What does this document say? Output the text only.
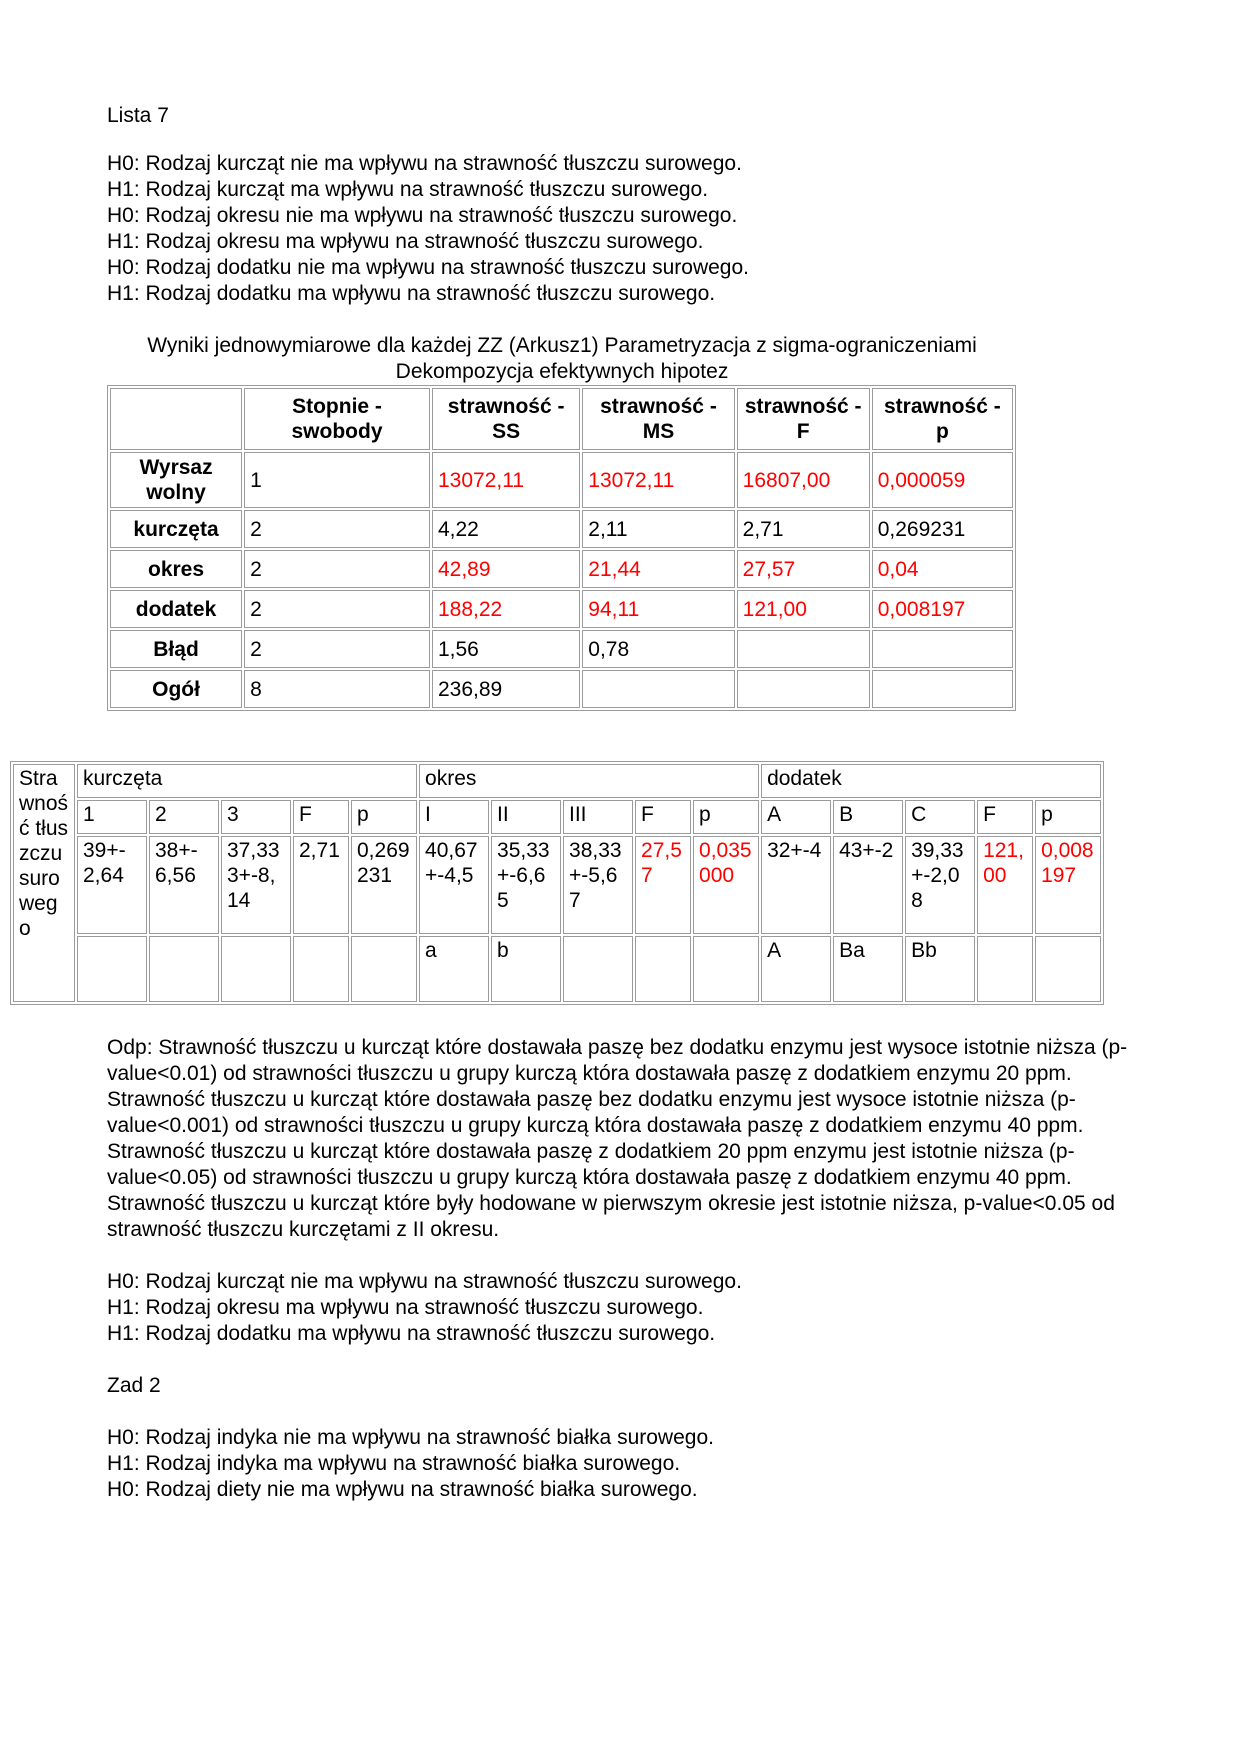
Lista 7

H0: Rodzaj kurcząt nie ma wpływu na strawność tłuszczu surowego.

H1: Rodzaj kurcząt ma wpływu na strawność tłuszczu surowego.

H0: Rodzaj okresu nie ma wpływu na strawność tłuszczu surowego.

H1: Rodzaj okresu ma wpływu na strawność tłuszczu surowego.

H0: Rodzaj dodatku nie ma wpływu na strawność tłuszczu surowego.

H1: Rodzaj dodatku ma wpływu na strawność tłuszczu surowego.

Wyniki jednowymiarowe dla każdej ZZ (Arkusz1) Parametryzacja z sigma-ograniczeniami

Dekompozycja efektywnych hipotez

	Stopnie - swobody	strawność - SS	strawność - MS	strawność - F	strawność - p
Wyrsaz wolny	1	13072,11	13072,11	16807,00	0,000059
kurczęta	2	4,22	2,11	2,71	0,269231
okres	2	42,89	21,44	27,57	0,04
dodatek	2	188,22	94,11	121,00	0,008197
Błąd	2	1,56	0,78		
Ogół	8	236,89			
Strawność tłuszczu surowego	kurczęta					okres					dodatek				
	1	2	3	F	p	I	II	III	F	p	A	B	C	F	p
	39+-2,64	38+-6,56	37,333+-8,14	2,71	0,269231	40,67+-4,5	35,33+-6,65	38,33+-5,67	27,57	0,035000	32+-4	43+-2	39,33+-2,08	121,00	0,008197
						a	b				A	Ba	Bb		

Odp: Strawność tłuszczu u kurcząt które dostawała paszę bez dodatku enzymu jest wysoce istotnie niższa (p-value<0.01) od strawności tłuszczu u grupy kurczą która dostawała paszę z dodatkiem enzymu 20 ppm. Strawność tłuszczu u kurcząt które dostawała paszę bez dodatku enzymu jest wysoce istotnie niższa (p-value<0.001) od strawności tłuszczu u grupy kurczą która dostawała paszę z dodatkiem enzymu 40 ppm. Strawność tłuszczu u kurcząt które dostawała paszę z dodatkiem 20 ppm enzymu jest istotnie niższa (p-value<0.05) od strawności tłuszczu u grupy kurczą która dostawała paszę z dodatkiem enzymu 40 ppm. Strawność tłuszczu u kurcząt które były hodowane w pierwszym okresie jest istotnie niższa, p-value<0.05 od strawność tłuszczu kurczętami z II okresu.

H0: Rodzaj kurcząt nie ma wpływu na strawność tłuszczu surowego.

H1: Rodzaj okresu ma wpływu na strawność tłuszczu surowego.

H1: Rodzaj dodatku ma wpływu na strawność tłuszczu surowego.

Zad 2

H0: Rodzaj indyka nie ma wpływu na strawność białka surowego.

H1: Rodzaj indyka ma wpływu na strawność białka surowego.

H0: Rodzaj diety nie ma wpływu na strawność białka surowego.
